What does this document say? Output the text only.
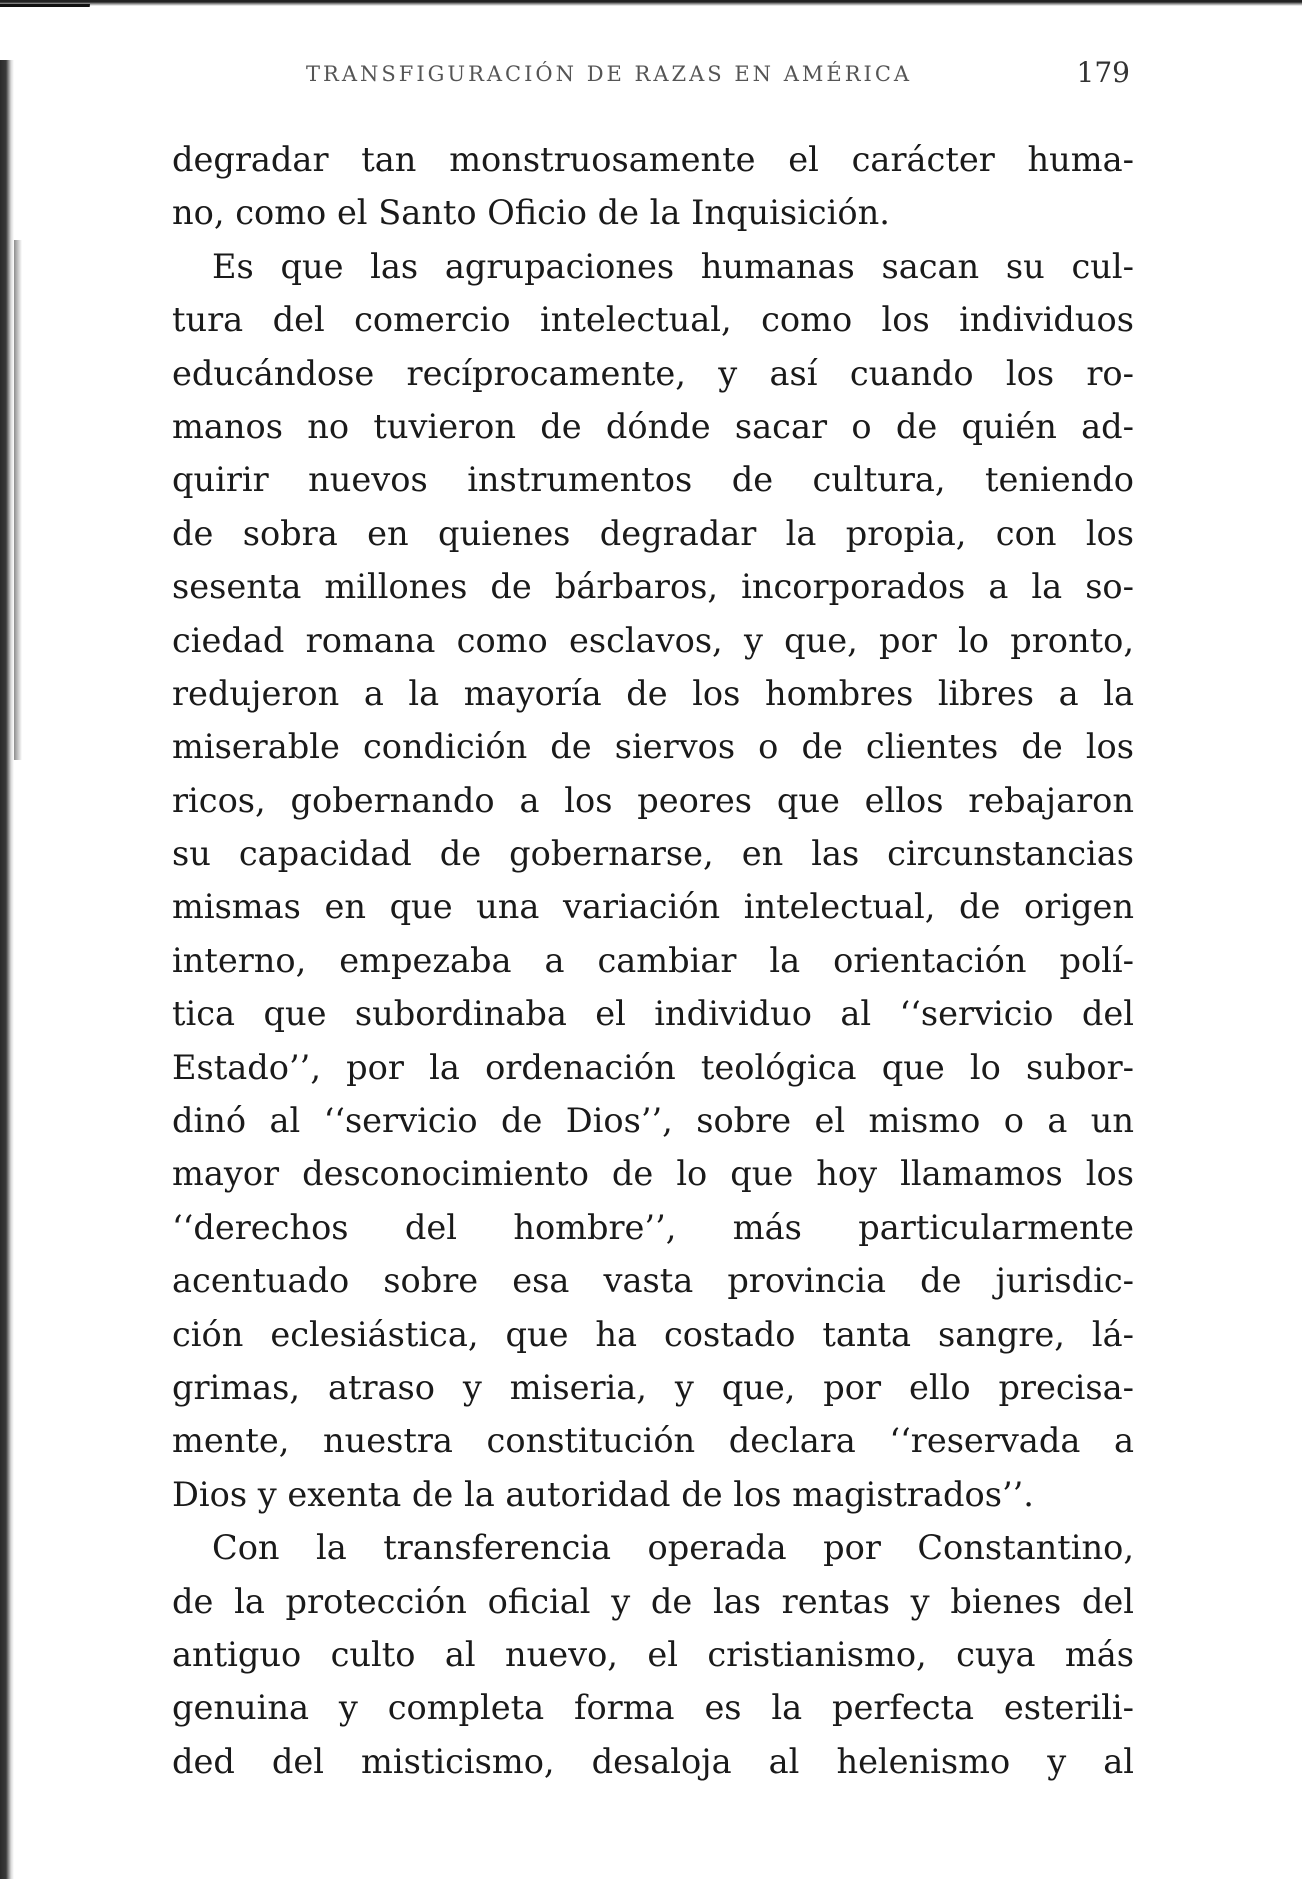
TRANSFIGURACIÓN DE RAZAS EN AMÉRICA	179
degradar tan monstruosamente el carácter huma-
no, como el Santo Oficio de la Inquisición.
Es que las agrupaciones humanas sacan su cul-
tura del comercio intelectual, como los individuos
educándose recíprocamente, y así cuando los ro-
manos no tuvieron de dónde sacar o de quién ad-
quirir nuevos instrumentos de cultura, teniendo
de sobra en quienes degradar la propia, con los
sesenta millones de bárbaros, incorporados a la so-
ciedad romana como esclavos, y que, por lo pronto,
redujeron a la mayoría de los hombres libres a la
miserable condición de siervos o de clientes de los
ricos, gobernando a los peores que ellos rebajaron
su capacidad de gobernarse, en las circunstancias
mismas en que una variación intelectual, de origen
interno, empezaba a cambiar la orientación polí-
tica que subordinaba el individuo al ‘‘servicio del
Estado’’, por la ordenación teológica que lo subor-
dinó al ‘‘servicio de Dios’’, sobre el mismo o a un
mayor desconocimiento de lo que hoy llamamos los
‘‘derechos del hombre’’, más particularmente
acentuado sobre esa vasta provincia de jurisdic-
ción eclesiástica, que ha costado tanta sangre, lá-
grimas, atraso y miseria, y que, por ello precisa-
mente, nuestra constitución declara ‘‘reservada a
Dios y exenta de la autoridad de los magistrados’’.
Con la transferencia operada por Constantino,
de la protección oficial y de las rentas y bienes del
antiguo culto al nuevo, el cristianismo, cuya más
genuina y completa forma es la perfecta esterili-
ded del misticismo, desaloja al helenismo y al
